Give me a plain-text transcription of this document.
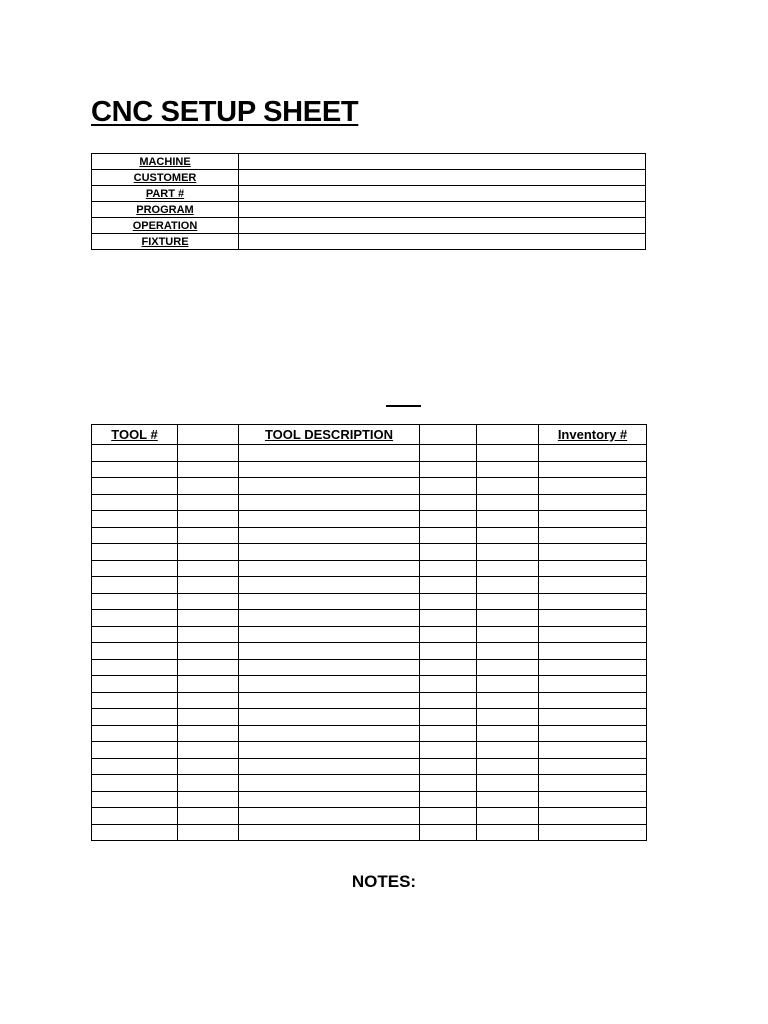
CNC SETUP SHEET
MACHINE	
CUSTOMER	
PART #	
PROGRAM	
OPERATION	
FIXTURE	
TOOL #		TOOL DESCRIPTION			Inventory #

NOTES:
